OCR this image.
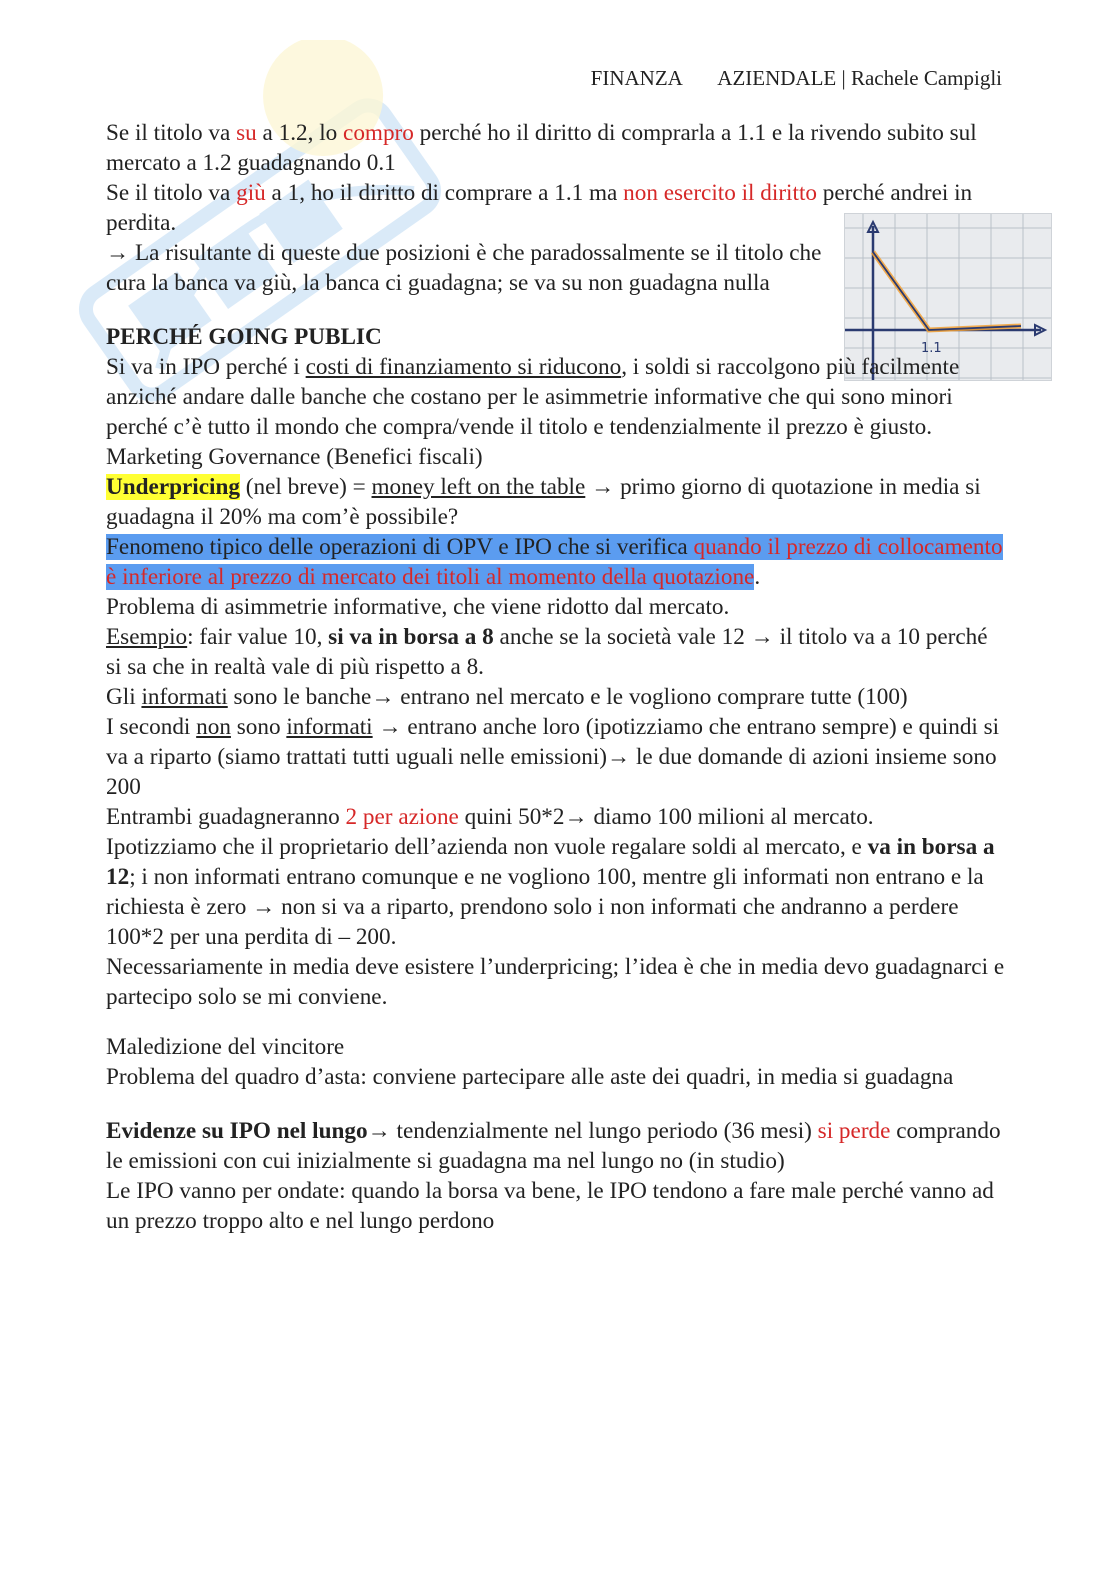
FINANZA AZIENDALE | Rachele Campigli
1.1

Se il titolo va su a 1.2, lo compro perché ho il diritto di comprarla a 1.1 e la rivendo subito sul mercato a 1.2 guadagnando 0.1

Se il titolo va giù a 1, ho il diritto di comprare a 1.1 ma non esercito il diritto perché andrei in perdita.

→ La risultante di queste due posizioni è che paradossalmente se il titolo che cura la banca va giù, la banca ci guadagna; se va su non guadagna nulla

PERCHÉ GOING PUBLIC

Si va in IPO perché i costi di finanziamento si riducono, i soldi si raccolgono più facilmente anziché andare dalle banche che costano per le asimmetrie informative che qui sono minori perché c’è tutto il mondo che compra/vende il titolo e tendenzialmente il prezzo è giusto.

Marketing Governance (Benefici fiscali)

Underpricing (nel breve) = money left on the table → primo giorno di quotazione in media si guadagna il 20% ma com’è possibile?

Fenomeno tipico delle operazioni di OPV e IPO che si verifica quando il prezzo di collocamento è inferiore al prezzo di mercato dei titoli al momento della quotazione.

Problema di asimmetrie informative, che viene ridotto dal mercato.

Esempio: fair value 10, si va in borsa a 8 anche se la società vale 12 → il titolo va a 10 perché si sa che in realtà vale di più rispetto a 8.

Gli informati sono le banche→ entrano nel mercato e le vogliono comprare tutte (100)

I secondi non sono informati → entrano anche loro (ipotizziamo che entrano sempre) e quindi si va a riparto (siamo trattati tutti uguali nelle emissioni)→ le due domande di azioni insieme sono 200

Entrambi guadagneranno 2 per azione quini 50*2→ diamo 100 milioni al mercato.

Ipotizziamo che il proprietario dell’azienda non vuole regalare soldi al mercato, e va in borsa a 12; i non informati entrano comunque e ne vogliono 100, mentre gli informati non entrano e la richiesta è zero → non si va a riparto, prendono solo i non informati che andranno a perdere 100*2 per una perdita di – 200.

Necessariamente in media deve esistere l’underpricing; l’idea è che in media devo guadagnarci e partecipo solo se mi conviene.

Maledizione del vincitore

Problema del quadro d’asta: conviene partecipare alle aste dei quadri, in media si guadagna

Evidenze su IPO nel lungo→ tendenzialmente nel lungo periodo (36 mesi) si perde comprando le emissioni con cui inizialmente si guadagna ma nel lungo no (in studio)

Le IPO vanno per ondate: quando la borsa va bene, le IPO tendono a fare male perché vanno ad un prezzo troppo alto e nel lungo perdono
